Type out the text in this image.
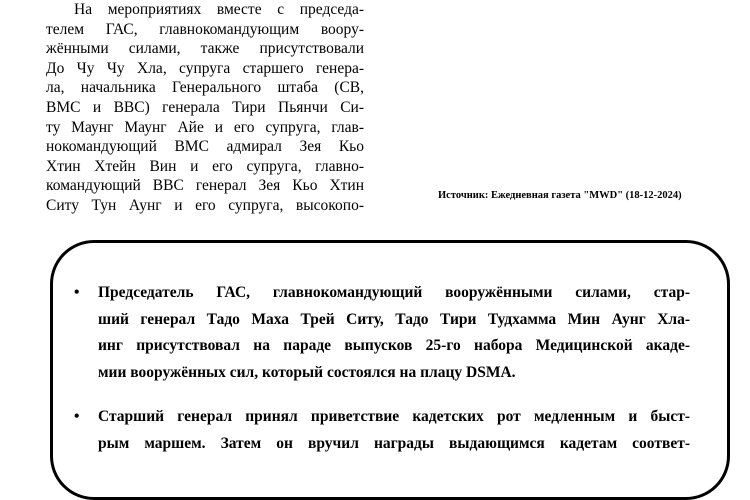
На мероприятиях вместе с председа-
телем ГАС, главнокомандующим воору-
жёнными силами, также присутствовали
До Чу Чу Хла, супруга старшего генера-
ла, начальника Генерального штаба (СВ,
ВМС и ВВС) генерала Тири Пьянчи Си-
ту Маунг Маунг Айе и его супруга, глав-
нокомандующий ВМС адмирал Зея Кьо
Хтин Хтейн Вин и его супруга, главно-
командующий ВВС генерал Зея Кьо Хтин
Ситу Тун Аунг и его супруга, высокопо-
Источник: Ежедневная газета "MWD" (18-12-2024)
• Председатель ГАС, главнокомандующий вооружёнными силами, стар-
ший генерал Тадо Маха Трей Ситу, Тадо Тири Тудхамма Мин Аунг Хла-
инг присутствовал на параде выпусков 25-го набора Медицинской акаде-
мии вооружённых сил, который состоялся на плацу DSMA.
• Старший генерал принял приветствие кадетских рот медленным и быст-
рым маршем. Затем он вручил награды выдающимся кадетам соответ-
